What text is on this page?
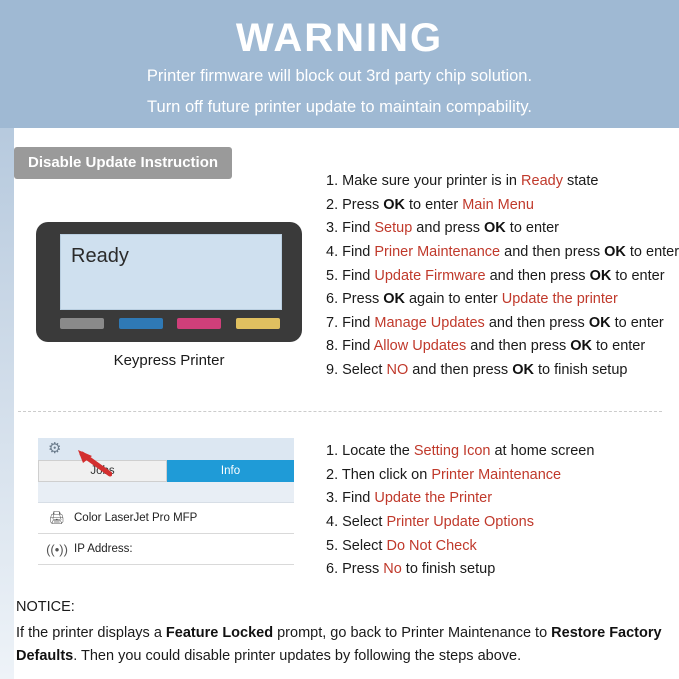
WARNING
Printer firmware will block out 3rd party chip solution.
Turn off future printer update to maintain compability.
Disable Update Instruction
Ready
Keypress Printer
1. Make sure your printer is in Ready state
2. Press OK to enter Main Menu
3. Find Setup and press OK to enter
4. Find Priner Maintenance and then press OK to enter
5. Find Update Firmware and then press OK to enter
6. Press OK again to enter Update the printer
7. Find Manage Updates and then press OK to enter
8. Find Allow Updates and then press OK to enter
9. Select NO and then press OK to finish setup
⚙
Jobs	Info
🖨 Color LaserJet Pro MFP
((•)) IP Address:
1. Locate the Setting Icon at home screen
2. Then click on Printer Maintenance
3. Find Update the Printer
4. Select Printer Update Options
5. Select Do Not Check
6. Press No to finish setup
NOTICE:
If the printer displays a Feature Locked prompt, go back to Printer Maintenance to Restore Factory Defaults. Then you could disable printer updates by following the steps above.
